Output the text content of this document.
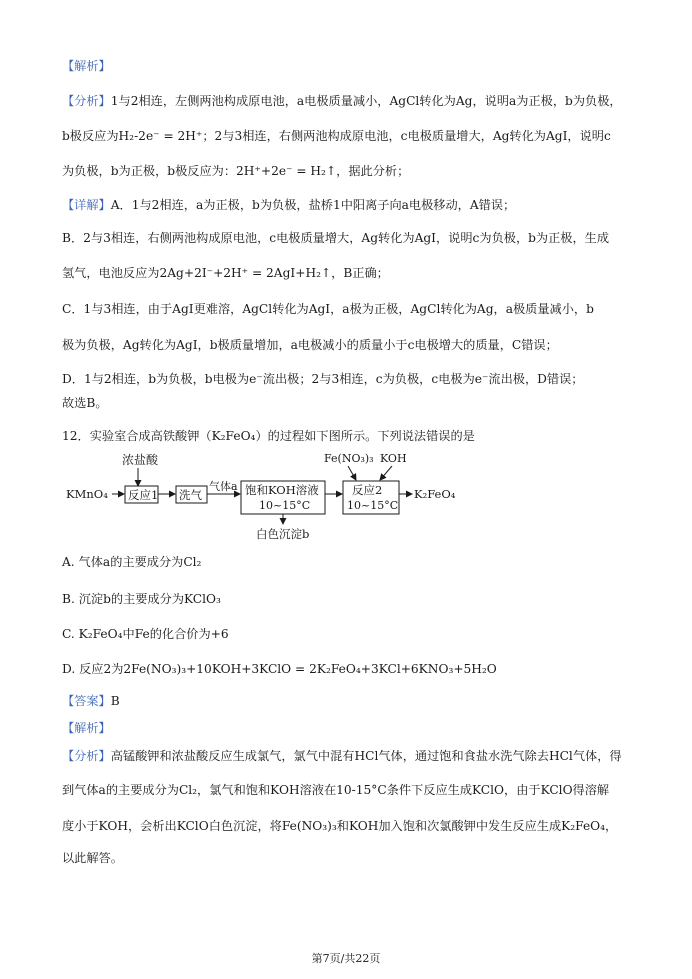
【解析】
【分析】1与2相连，左侧两池构成原电池，a电极质量减小，AgCl转化为Ag，说明a为正极，b为负极，
b极反应为H₂-2e⁻ = 2H⁺；2与3相连，右侧两池构成原电池，c电极质量增大，Ag转化为AgI，说明c
为负极，b为正极，b极反应为：2H⁺+2e⁻ = H₂↑，据此分析；
【详解】A．1与2相连，a为正极，b为负极，盐桥1中阳离子向a电极移动，A错误；
B．2与3相连，右侧两池构成原电池，c电极质量增大，Ag转化为AgI，说明c为负极，b为正极，生成
氢气，电池反应为2Ag+2I⁻+2H⁺ = 2AgI+H₂↑，B正确；
C．1与3相连，由于AgI更难溶，AgCl转化为AgI，a极为正极，AgCl转化为Ag，a极质量减小，b
极为负极，Ag转化为AgI，b极质量增加，a电极减小的质量小于c电极增大的质量，C错误；
D．1与2相连，b为负极，b电极为e⁻流出极；2与3相连，c为负极，c电极为e⁻流出极，D错误；
故选B。
12．实验室合成高铁酸钾（K₂FeO₄）的过程如下图所示。下列说法错误的是
浓盐酸
KMnO₄ 反应1 洗气
气体a 饱和KOH溶液
10~15°C
白色沉淀b
Fe(NO₃)₃ KOH
反应2
10~15°C
K₂FeO₄
A. 气体a的主要成分为Cl₂
B. 沉淀b的主要成分为KClO₃
C. K₂FeO₄中Fe的化合价为+6
D. 反应2为2Fe(NO₃)₃+10KOH+3KClO = 2K₂FeO₄+3KCl+6KNO₃+5H₂O
【答案】B
【解析】
【分析】高锰酸钾和浓盐酸反应生成氯气，氯气中混有HCl气体，通过饱和食盐水洗气除去HCl气体，得
到气体a的主要成分为Cl₂，氯气和饱和KOH溶液在10-15°C条件下反应生成KClO，由于KClO得溶解
度小于KOH，会析出KClO白色沉淀，将Fe(NO₃)₃和KOH加入饱和次氯酸钾中发生反应生成K₂FeO₄，
以此解答。
第7页/共22页
